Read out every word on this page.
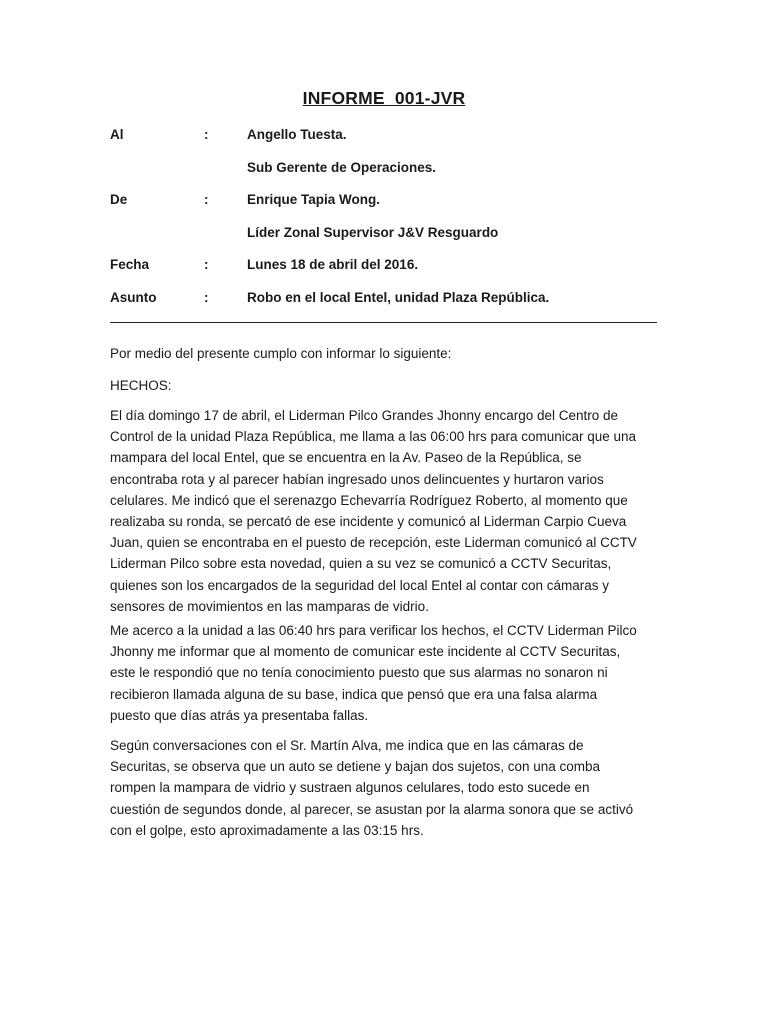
INFORME  001-JVR
Al	:	Angello Tuesta.
Sub Gerente de Operaciones.
De	:	Enrique Tapia Wong.
Líder Zonal Supervisor J&V Resguardo
Fecha	:	Lunes 18 de abril del 2016.
Asunto	:	Robo en el local Entel, unidad Plaza República.
Por medio del presente cumplo con informar lo siguiente:
HECHOS:
El día domingo 17 de abril, el Liderman Pilco Grandes Jhonny encargo del Centro de
Control de la unidad Plaza República, me llama a las 06:00 hrs para comunicar que una
mampara del local Entel, que se encuentra en la Av. Paseo de la República, se
encontraba rota y al parecer habían ingresado unos delincuentes y hurtaron varios
celulares. Me indicó que el serenazgo Echevarría Rodríguez Roberto, al momento que
realizaba su ronda, se percató de ese incidente y comunicó al Liderman Carpio Cueva
Juan, quien se encontraba en el puesto de recepción, este Liderman comunicó al CCTV
Liderman Pilco sobre esta novedad, quien a su vez se comunicó a CCTV Securitas,
quienes son los encargados de la seguridad del local Entel al contar con cámaras y
sensores de movimientos en las mamparas de vidrio.
Me acerco a la unidad a las 06:40 hrs para verificar los hechos, el CCTV Liderman Pilco
Jhonny me informar que al momento de comunicar este incidente al CCTV Securitas,
este le respondió que no tenía conocimiento puesto que sus alarmas no sonaron ni
recibieron llamada alguna de su base, indica que pensó que era una falsa alarma
puesto que días atrás ya presentaba fallas.
Según conversaciones con el Sr. Martín Alva, me indica que en las cámaras de
Securitas, se observa que un auto se detiene y bajan dos sujetos, con una comba
rompen la mampara de vidrio y sustraen algunos celulares, todo esto sucede en
cuestión de segundos donde, al parecer, se asustan por la alarma sonora que se activó
con el golpe, esto aproximadamente a las 03:15 hrs.
